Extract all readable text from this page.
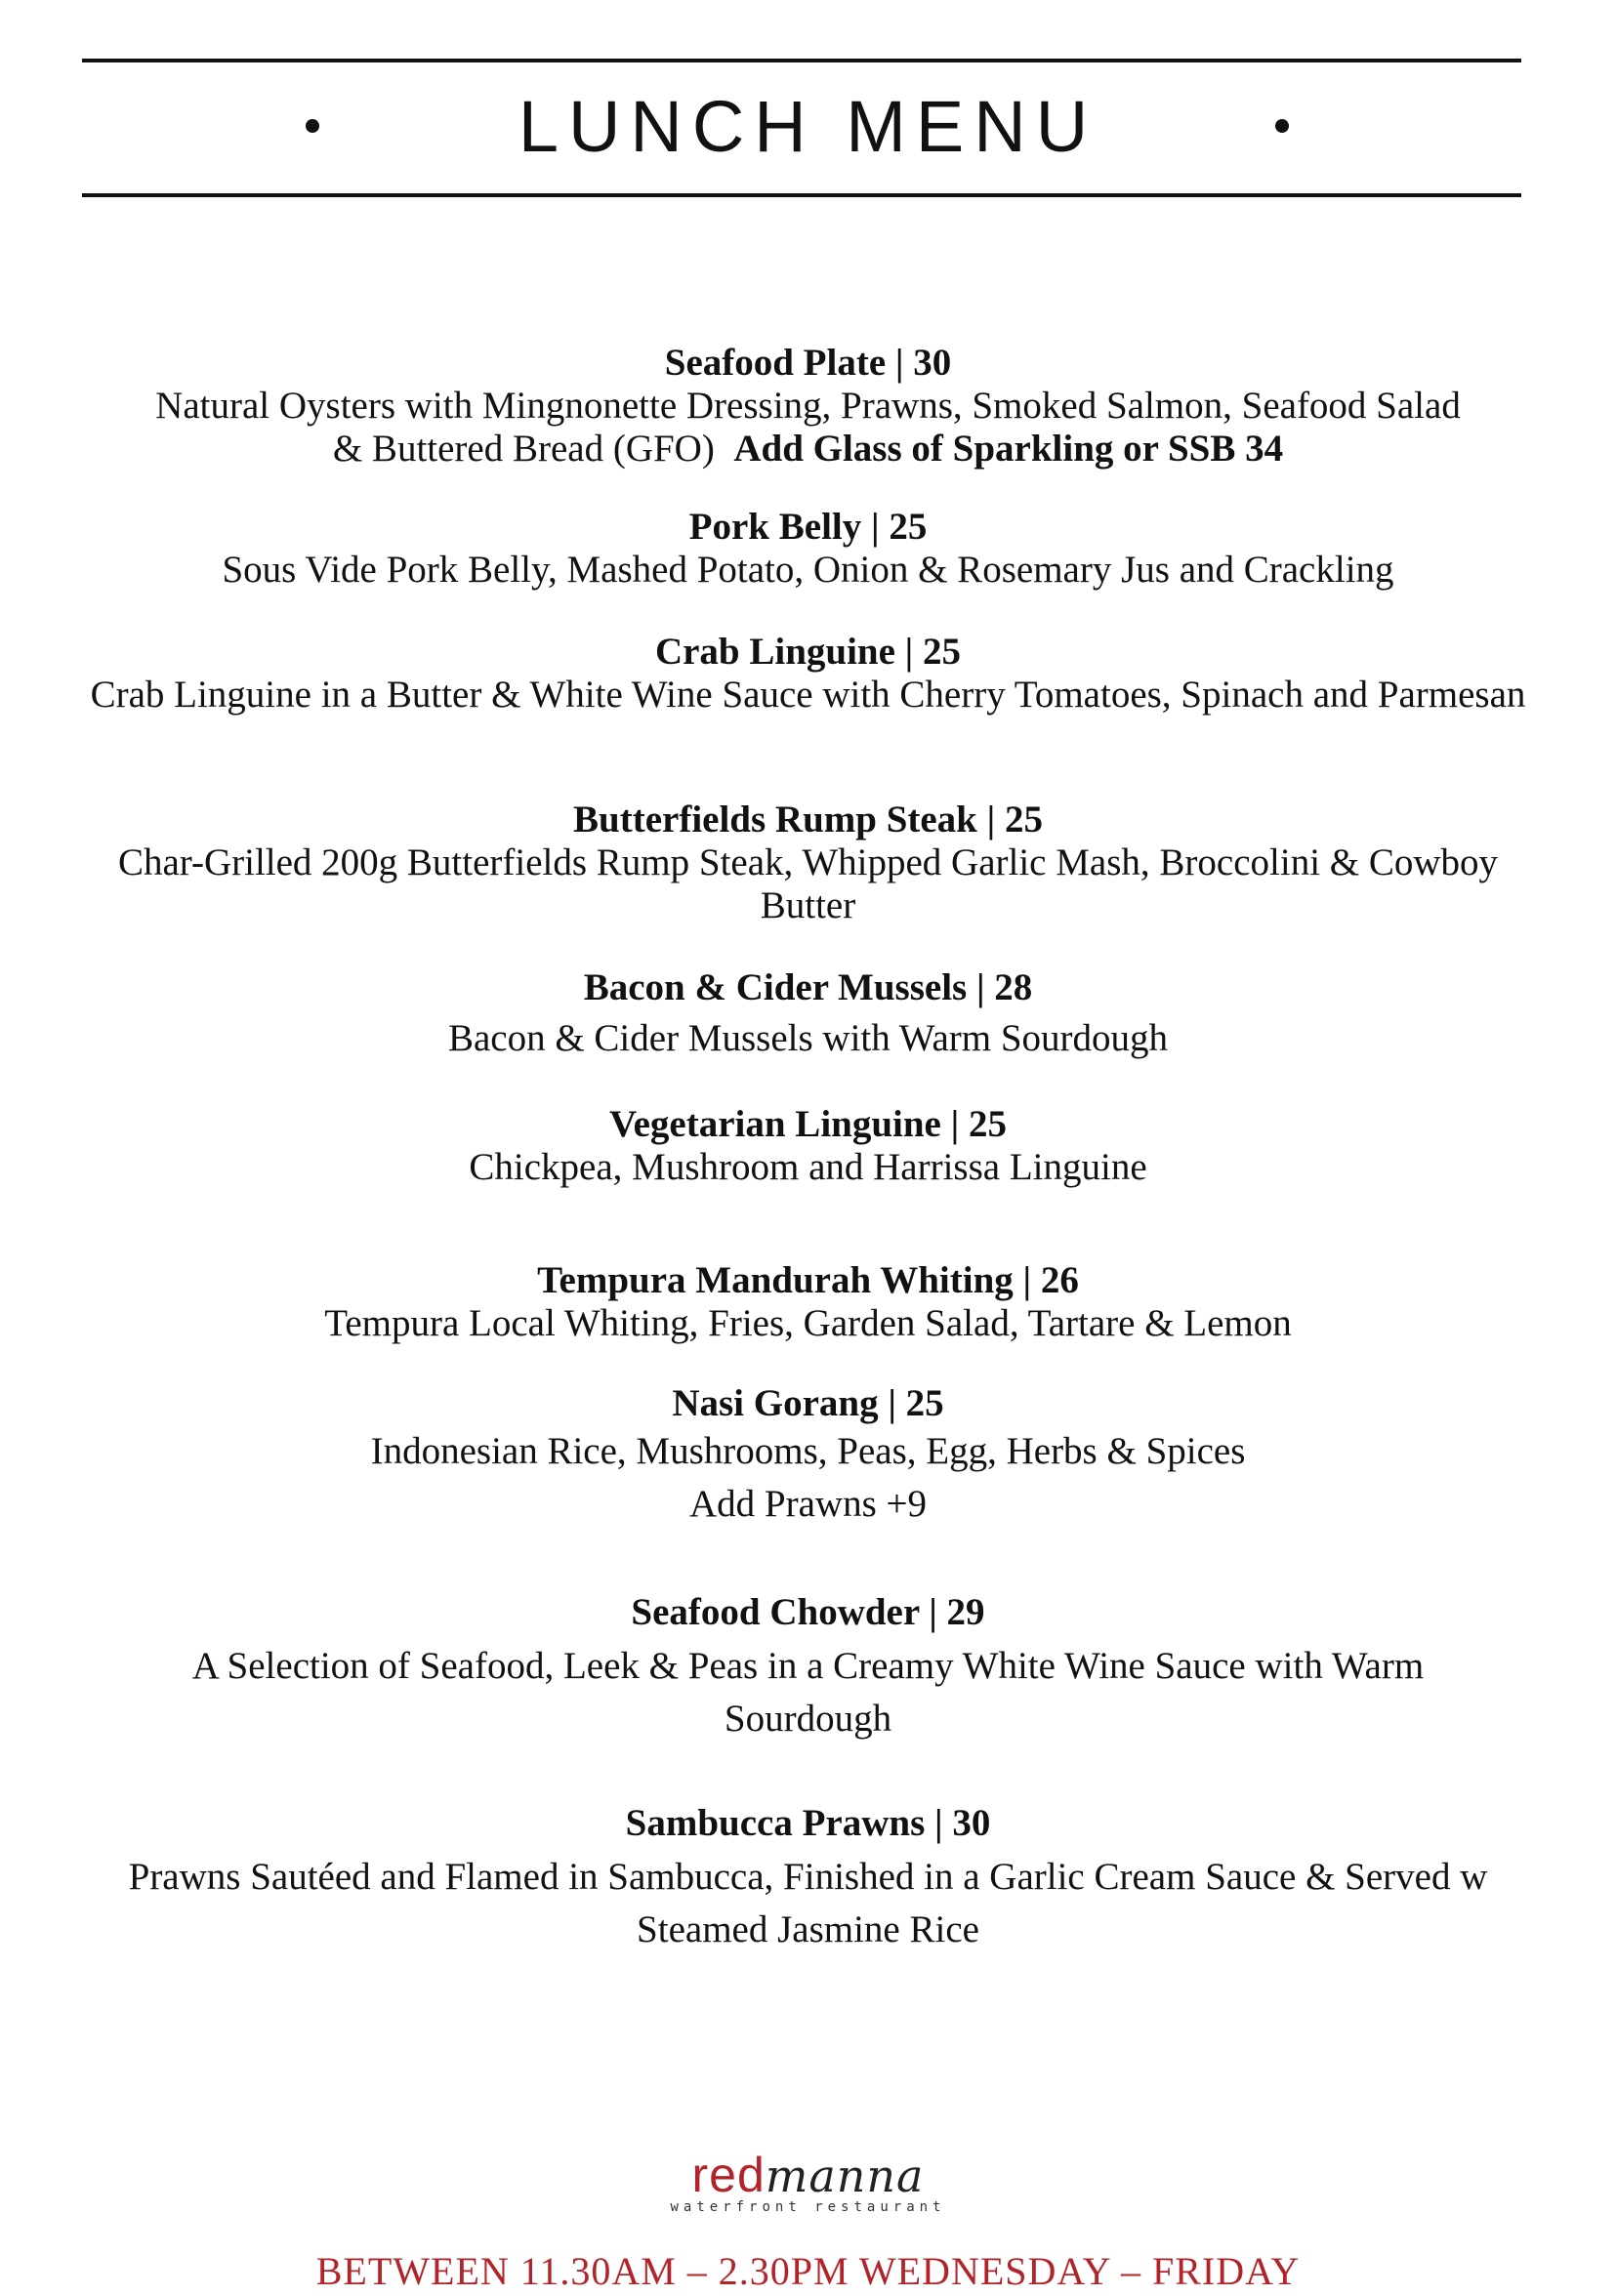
LUNCH MENU
Seafood Plate | 30
Natural Oysters with Mingnonette Dressing, Prawns, Smoked Salmon, Seafood Salad
& Buttered Bread (GFO) Add Glass of Sparkling or SSB 34
Pork Belly | 25
Sous Vide Pork Belly, Mashed Potato, Onion & Rosemary Jus and Crackling
Crab Linguine | 25
Crab Linguine in a Butter & White Wine Sauce with Cherry Tomatoes, Spinach and Parmesan
Butterfields Rump Steak | 25
Char-Grilled 200g Butterfields Rump Steak, Whipped Garlic Mash, Broccolini & Cowboy Butter
Bacon & Cider Mussels | 28
Bacon & Cider Mussels with Warm Sourdough
Vegetarian Linguine | 25
Chickpea, Mushroom and Harrissa Linguine
Tempura Mandurah Whiting | 26
Tempura Local Whiting, Fries, Garden Salad, Tartare & Lemon
Nasi Gorang | 25
Indonesian Rice, Mushrooms, Peas, Egg, Herbs & Spices
Add Prawns +9
Seafood Chowder | 29
A Selection of Seafood, Leek & Peas in a Creamy White Wine Sauce with Warm Sourdough
Sambucca Prawns | 30
Prawns Sautéed and Flamed in Sambucca, Finished in a Garlic Cream Sauce & Served w Steamed Jasmine Rice
redmanna
waterfront restaurant
BETWEEN 11.30AM – 2.30PM WEDNESDAY – FRIDAY
